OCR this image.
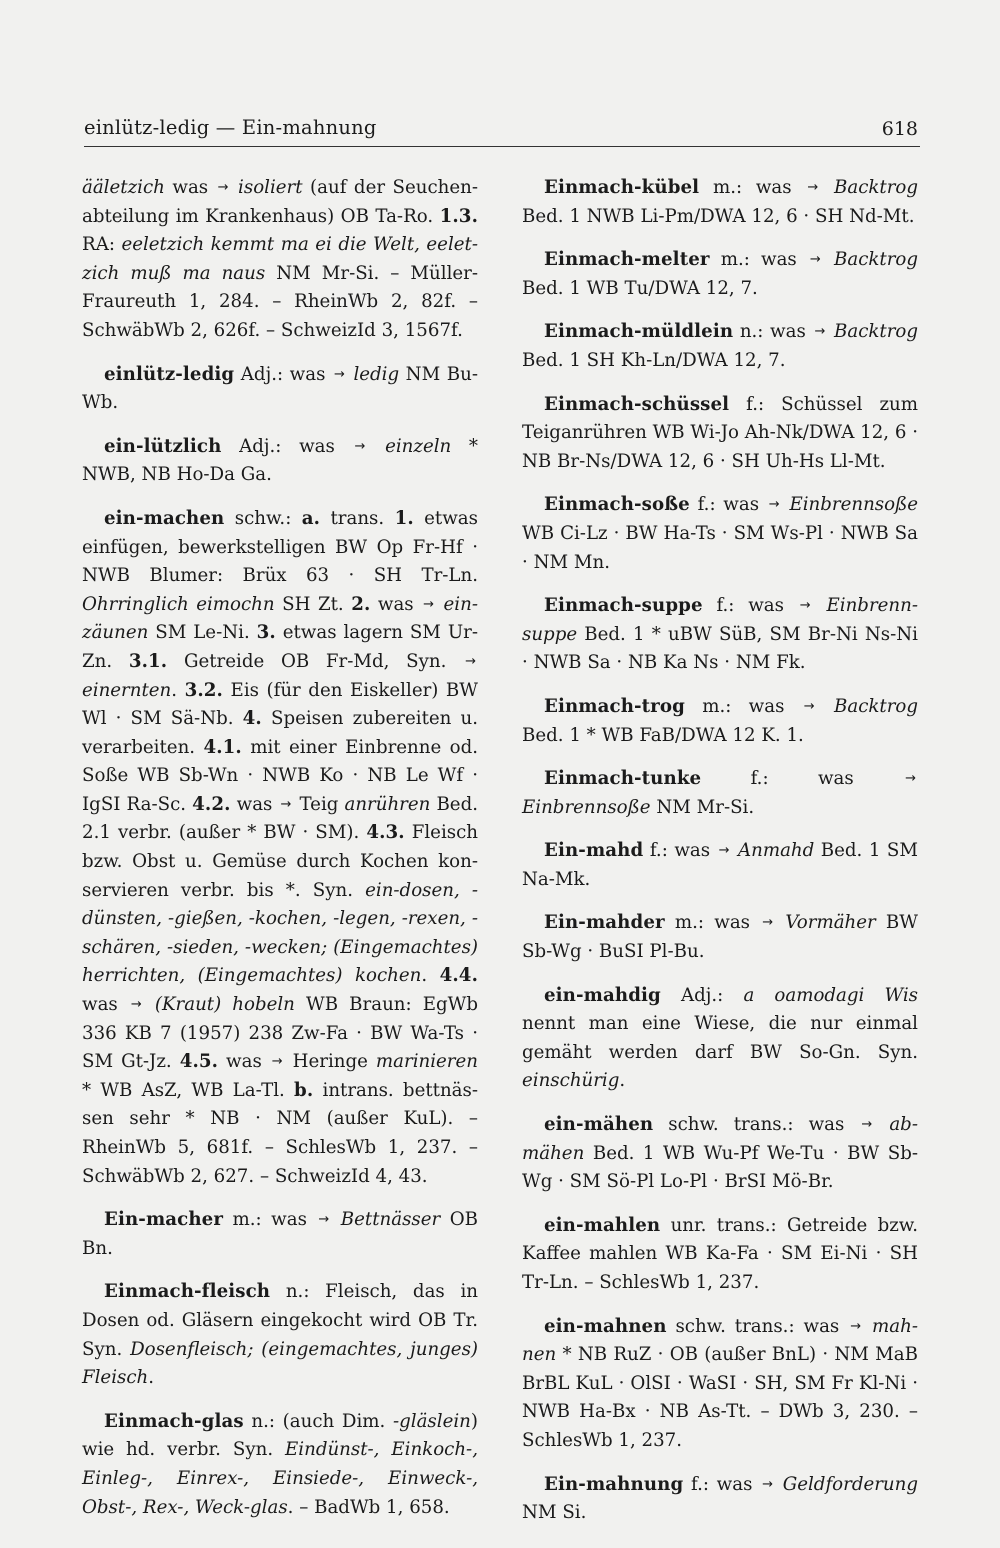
einlütz-ledig — Ein-mahnung	618

ääletzich was → isoliert (auf der Seuchenabteilung im Krankenhaus) OB Ta-Ro. 1.3. RA: eeletzich kemmt ma ei die Welt, eeletzich muß ma naus NM Mr-Si. – Müller-Fraureuth 1, 284. – RheinWb 2, 82f. – SchwäbWb 2, 626f. – SchweizId 3, 1567f.

einlütz-ledig Adj.: was → ledig NM Bu-Wb.

ein-lützlich Adj.: was → einzeln * NWB, NB Ho-Da Ga.

ein-machen schw.: a. trans. 1. etwas einfügen, bewerkstelligen BW Op Fr-Hf · NWB Blumer: Brüx 63 · SH Tr-Ln. Ohrringlich eimochn SH Zt. 2. was → einzäunen SM Le-Ni. 3. etwas lagern SM Ur-Zn. 3.1. Getreide OB Fr-Md, Syn. → einernten. 3.2. Eis (für den Eiskeller) BW Wl · SM Sä-Nb. 4. Speisen zubereiten u. verarbeiten. 4.1. mit einer Einbrenne od. Soße WB Sb-Wn · NWB Ko · NB Le Wf · IgSI Ra-Sc. 4.2. was → Teig anrühren Bed. 2.1 verbr. (außer * BW · SM). 4.3. Fleisch bzw. Obst u. Gemüse durch Kochen konservieren verbr. bis *. Syn. ein-dosen, -dünsten, -gießen, -kochen, -legen, -rexen, -schären, -sieden, -wecken; (Eingemachtes) herrichten, (Eingemachtes) kochen. 4.4. was → (Kraut) hobeln WB Braun: EgWb 336 KB 7 (1957) 238 Zw-Fa · BW Wa-Ts · SM Gt-Jz. 4.5. was → Heringe marinieren * WB AsZ, WB La-Tl. b. intrans. bettnässen sehr * NB · NM (außer KuL). – RheinWb 5, 681f. – SchlesWb 1, 237. – SchwäbWb 2, 627. – SchweizId 4, 43.

Ein-macher m.: was → Bettnässer OB Bn.

Einmach-fleisch n.: Fleisch, das in Dosen od. Gläsern eingekocht wird OB Tr. Syn. Dosenfleisch; (eingemachtes, junges) Fleisch.

Einmach-glas n.: (auch Dim. -gläslein) wie hd. verbr. Syn. Eindünst-, Einkoch-, Einleg-, Einrex-, Einsiede-, Einweck-, Obst-, Rex-, Weck-glas. – BadWb 1, 658.

Einmach-kübel m.: was → Backtrog Bed. 1 NWB Li-Pm/DWA 12, 6 · SH Nd-Mt.

Einmach-melter m.: was → Backtrog Bed. 1 WB Tu/DWA 12, 7.

Einmach-müldlein n.: was → Backtrog Bed. 1 SH Kh-Ln/DWA 12, 7.

Einmach-schüssel f.: Schüssel zum Teiganrühren WB Wi-Jo Ah-Nk/DWA 12, 6 · NB Br-Ns/DWA 12, 6 · SH Uh-Hs Ll-Mt.

Einmach-soße f.: was → Einbrennsoße WB Ci-Lz · BW Ha-Ts · SM Ws-Pl · NWB Sa · NM Mn.

Einmach-suppe f.: was → Einbrennsuppe Bed. 1 * uBW SüB, SM Br-Ni Ns-Ni · NWB Sa · NB Ka Ns · NM Fk.

Einmach-trog m.: was → Backtrog Bed. 1 * WB FaB/DWA 12 K. 1.

Einmach-tunke f.: was → Einbrennsoße NM Mr-Si.

Ein-mahd f.: was → Anmahd Bed. 1 SM Na-Mk.

Ein-mahder m.: was → Vormäher BW Sb-Wg · BuSI Pl-Bu.

ein-mahdig Adj.: a oamodagi Wis nennt man eine Wiese, die nur einmal gemäht werden darf BW So-Gn. Syn. einschürig.

ein-mähen schw. trans.: was → abmähen Bed. 1 WB Wu-Pf We-Tu · BW Sb-Wg · SM Sö-Pl Lo-Pl · BrSI Mö-Br.

ein-mahlen unr. trans.: Getreide bzw. Kaffee mahlen WB Ka-Fa · SM Ei-Ni · SH Tr-Ln. – SchlesWb 1, 237.

ein-mahnen schw. trans.: was → mahnen * NB RuZ · OB (außer BnL) · NM MaB BrBL KuL · OlSI · WaSI · SH, SM Fr Kl-Ni · NWB Ha-Bx · NB As-Tt. – DWb 3, 230. – SchlesWb 1, 237.

Ein-mahnung f.: was → Geldforderung NM Si.
